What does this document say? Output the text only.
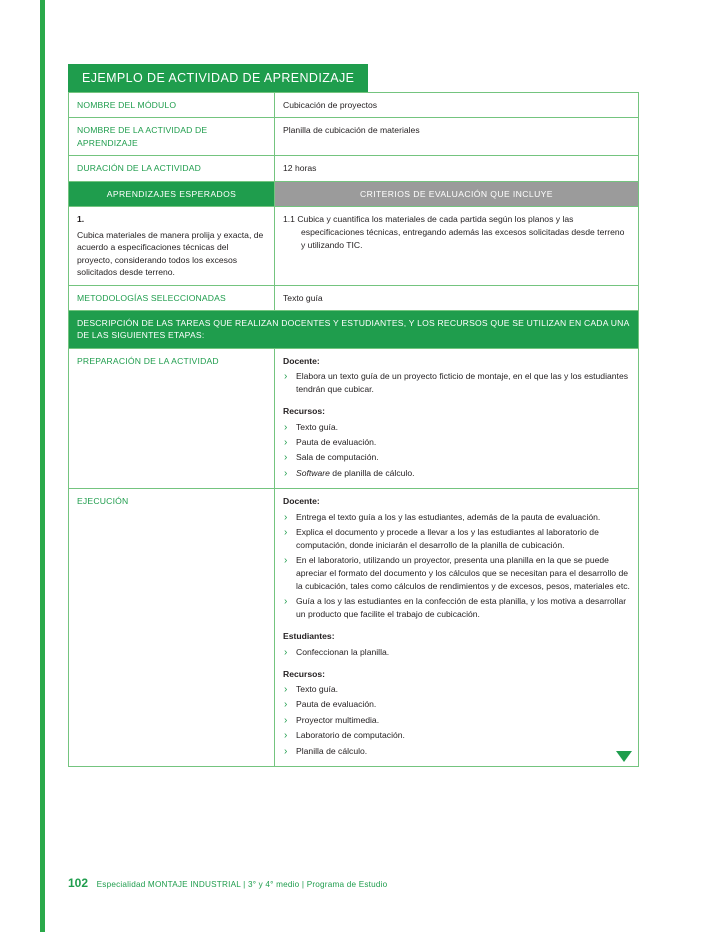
EJEMPLO DE ACTIVIDAD DE APRENDIZAJE
NOMBRE DEL MÓDULO	Cubicación de proyectos
NOMBRE DE LA ACTIVIDAD DE APRENDIZAJE	Planilla de cubicación de materiales
DURACIÓN DE LA ACTIVIDAD	12 horas
APRENDIZAJES ESPERADOS	CRITERIOS DE EVALUACIÓN QUE INCLUYE

1.
Cubica materiales de manera prolija y exacta, de acuerdo a especificaciones técnicas del proyecto, considerando todos los excesos solicitados desde terreno.	1.1 Cubica y cuantifica los materiales de cada partida según los planos y las especificaciones técnicas, entregando además las excesos solicitadas desde terreno y utilizando TIC.

METODOLOGÍAS SELECCIONADAS	Texto guía
DESCRIPCIÓN DE LAS TAREAS QUE REALIZAN DOCENTES Y ESTUDIANTES, Y LOS RECURSOS QUE SE UTILIZAN EN CADA UNA DE LAS SIGUIENTES ETAPAS:	
PREPARACIÓN DE LA ACTIVIDAD	Docente:

› Elabora un texto guía de un proyecto ficticio de montaje, en el que las y los estudiantes tendrán que cubicar.

Recursos:

› Texto guía.
› Pauta de evaluación.
› Sala de computación.
› Software de planilla de cálculo.

EJECUCIÓN	Docente:

› Entrega el texto guía a los y las estudiantes, además de la pauta de evaluación.
› Explica el documento y procede a llevar a los y las estudiantes al laboratorio de computación, donde iniciarán el desarrollo de la planilla de cubicación.
› En el laboratorio, utilizando un proyector, presenta una planilla en la que se puede apreciar el formato del documento y los cálculos que se necesitan para el desarrollo de la cubicación, tales como cálculos de rendimientos y de excesos, pesos, materiales etc.
› Guía a los y las estudiantes en la confección de esta planilla, y los motiva a desarrollar un producto que facilite el trabajo de cubicación.

Estudiantes:

› Confeccionan la planilla.

Recursos:

› Texto guía.
› Pauta de evaluación.
› Proyector multimedia.
› Laboratorio de computación.
› Planilla de cálculo.
102 Especialidad MONTAJE INDUSTRIAL | 3° y 4° medio | Programa de Estudio
